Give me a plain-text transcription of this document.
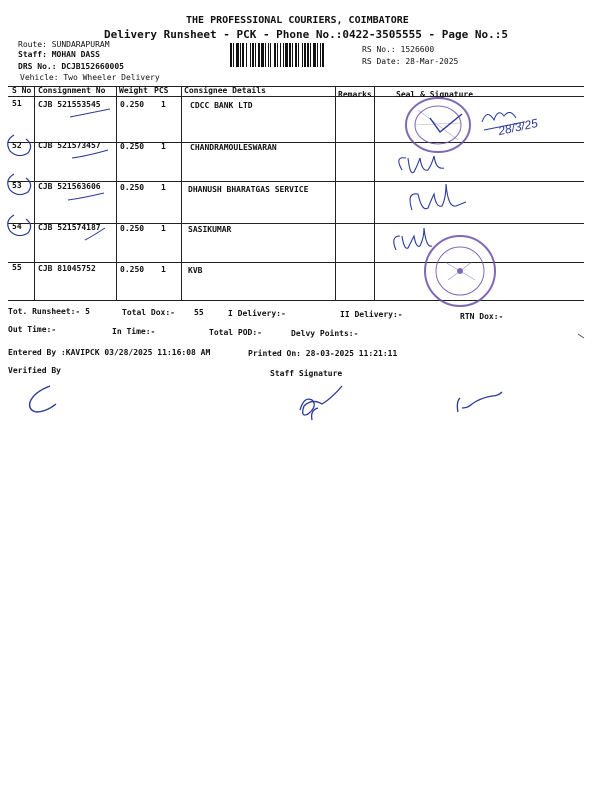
THE PROFESSIONAL COURIERS, COIMBATORE
Delivery Runsheet - PCK - Phone No.:0422-3505555 - Page No.:5
Route: SUNDARAPURAM
Staff: MOHAN DASS
DRS No.: DCJB152660005
Vehicle: Two Wheeler Delivery
RS No.: 1526600
RS Date: 28-Mar-2025
S No Consignment No Weight PCS Consignee Details	Remarks	Seal & Signature
51 CJB 521553545 0.250 1	CDCC BANK LTD
52 CJB 521573457 0.250 1	CHANDRAMOULESWARAN
53 CJB 521563606 0.250 1	DHANUSH BHARATGAS SERVICE
54 CJB 521574187 0.250 1	SASIKUMAR
55 CJB 81045752	0.250 1	KVB
28/3/25
Tot. Runsheet:- 5	Total Dox:- 55	I Delivery:-	II Delivery:-	RTN Dox:-
Out Time:-	In Time:-	Total POD:-	Delvy Points:-
Entered By :KAVIPCK 03/28/2025 11:16:08 AM	Printed On: 28-03-2025 11:21:11
Verified By	Staff Signature
